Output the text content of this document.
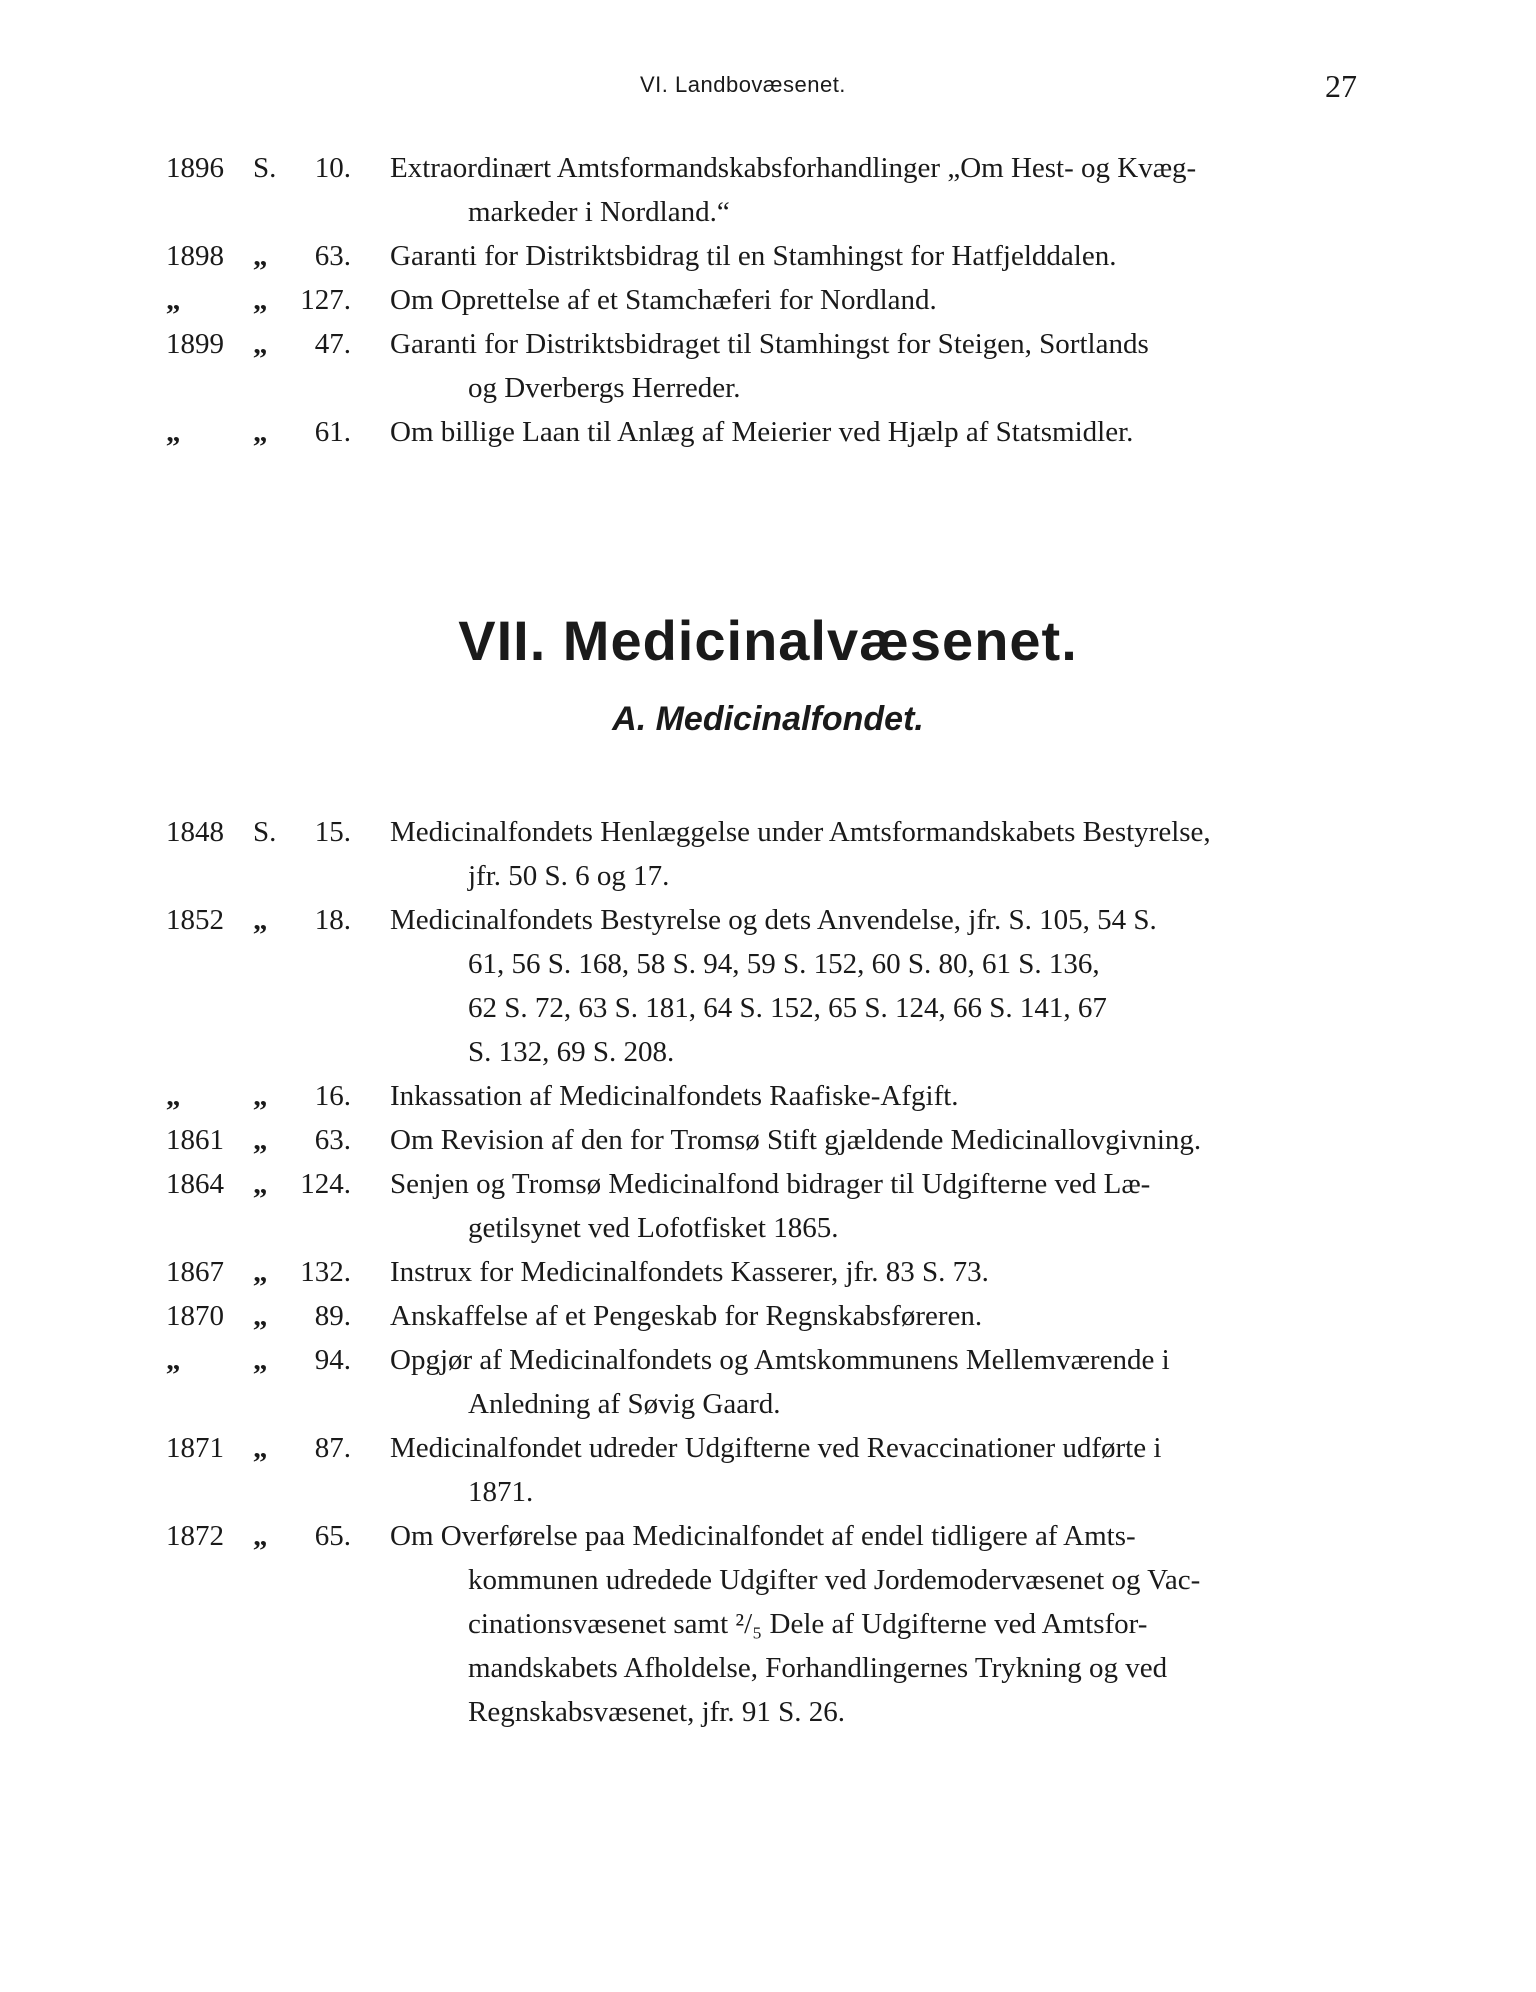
VI. Landbovæsenet.	27
1896	S.	10. Extraordinært Amtsformandskabsforhandlinger „Om Hest- og Kvæg-
markeder i Nordland.“
1898	„	63. Garanti for Distriktsbidrag til en Stamhingst for Hatfjelddalen.
„	„	127. Om Oprettelse af et Stamchæferi for Nordland.
1899	„	47. Garanti for Distriktsbidraget til Stamhingst for Steigen, Sortlands
og Dverbergs Herreder.
„	„	61. Om billige Laan til Anlæg af Meierier ved Hjælp af Statsmidler.
VII. Medicinalvæsenet.
A. Medicinalfondet.
1848	S.	15. Medicinalfondets Henlæggelse under Amtsformandskabets Bestyrelse,
jfr. 50 S. 6 og 17.
1852	„	18. Medicinalfondets Bestyrelse og dets Anvendelse, jfr. S. 105, 54 S.
61, 56 S. 168, 58 S. 94, 59 S. 152, 60 S. 80, 61 S. 136,
62 S. 72, 63 S. 181, 64 S. 152, 65 S. 124, 66 S. 141, 67
S. 132, 69 S. 208.
„	„	16. Inkassation af Medicinalfondets Raafiske-Afgift.
1861	„	63. Om Revision af den for Tromsø Stift gjældende Medicinallovgivning.
1864	„	124. Senjen og Tromsø Medicinalfond bidrager til Udgifterne ved Læ-
getilsynet ved Lofotfisket 1865.
1867	„	132. Instrux for Medicinalfondets Kasserer, jfr. 83 S. 73.
1870	„	89. Anskaffelse af et Pengeskab for Regnskabsføreren.
„	„	94. Opgjør af Medicinalfondets og Amtskommunens Mellemværende i
Anledning af Søvig Gaard.
1871	„	87. Medicinalfondet udreder Udgifterne ved Revaccinationer udførte i
1871.
1872	„	65. Om Overførelse paa Medicinalfondet af endel tidligere af Amts-
kommunen udredede Udgifter ved Jordemodervæsenet og Vac-
cinationsvæsenet samt ²/₅ Dele af Udgifterne ved Amtsfor-
mandskabets Afholdelse, Forhandlingernes Trykning og ved
Regnskabsvæsenet, jfr. 91 S. 26.
